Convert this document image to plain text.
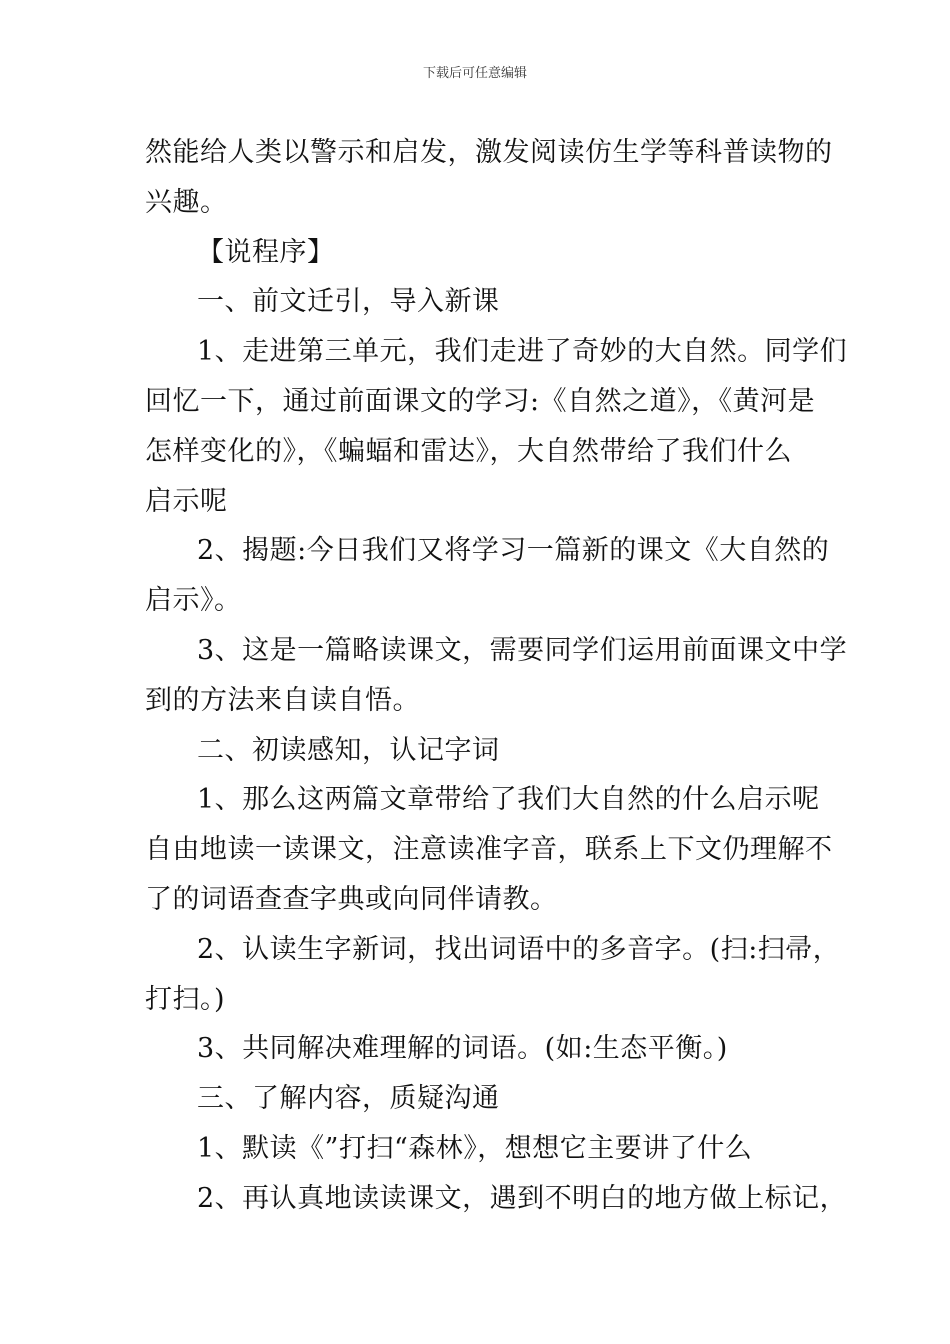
下载后可任意编辑
然能给人类以警示和启发，激发阅读仿生学等科普读物的
兴趣。
【说程序】
一、前文迁引，导入新课
1、走进第三单元，我们走进了奇妙的大自然。同学们
回忆一下，通过前面课文的学习:《自然之道》，《黄河是
怎样变化的》，《蝙蝠和雷达》，大自然带给了我们什么
启示呢
2、揭题:今日我们又将学习一篇新的课文《大自然的
启示》。
3、这是一篇略读课文，需要同学们运用前面课文中学
到的方法来自读自悟。
二、初读感知，认记字词
1、那么这两篇文章带给了我们大自然的什么启示呢
自由地读一读课文，注意读准字音，联系上下文仍理解不
了的词语查查字典或向同伴请教。
2、认读生字新词，找出词语中的多音字。(扫:扫帚，
打扫。)
3、共同解决难理解的词语。(如:生态平衡。)
三、了解内容，质疑沟通
1、默读《”打扫“森林》，想想它主要讲了什么
2、再认真地读读课文，遇到不明白的地方做上标记，
